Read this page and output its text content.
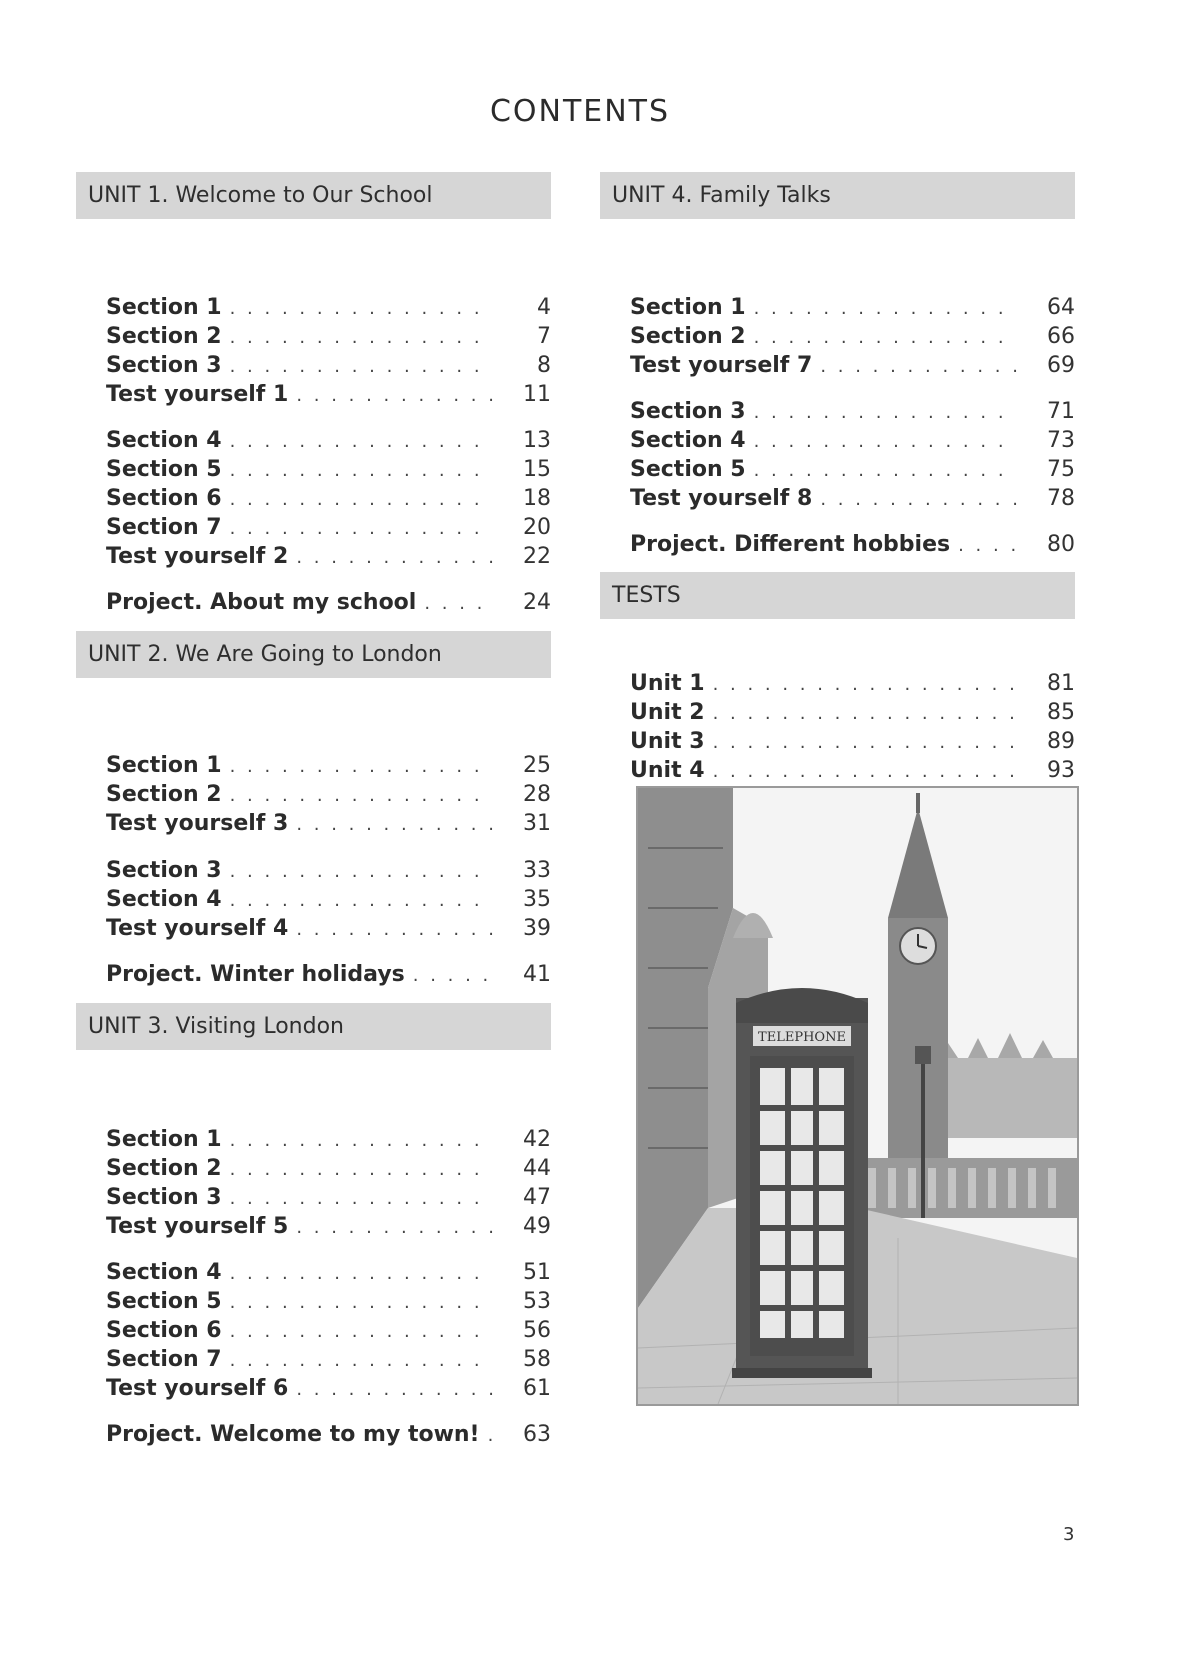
CONTENTS
UNIT 1. Welcome to Our School
Section 1 . . .	4
Section 2 . . .	7
Section 3 . . .	8
Test yourself 1 . . .	11
Section 4 . . .	13
Section 5 . . .	15
Section 6 . . .	18
Section 7 . . .	20
Test yourself 2 . . .	22
Project. About my school . . .	24
UNIT 2. We Are Going to London
Section 1 . . .	25
Section 2 . . .	28
Test yourself 3 . . .	31
Section 3 . . .	33
Section 4 . . .	35
Test yourself 4 . . .	39
Project. Winter holidays . . .	41
UNIT 3. Visiting London
Section 1 . . .	42
Section 2 . . .	44
Section 3 . . .	47
Test yourself 5 . . .	49
Section 4 . . .	51
Section 5 . . .	53
Section 6 . . .	56
Section 7 . . .	58
Test yourself 6 . . .	61
Project. Welcome to my town! . . .	63
UNIT 4. Family Talks
Section 1 . . .	64
Section 2 . . .	66
Test yourself 7 . . .	69
Section 3 . . .	71
Section 4 . . .	73
Section 5 . . .	75
Test yourself 8 . . .	78
Project. Different hobbies . . .	80
TESTS
Unit 1 . . .	81
Unit 2 . . .	85
Unit 3 . . .	89
Unit 4 . . .	93
TELEPHONE
3
